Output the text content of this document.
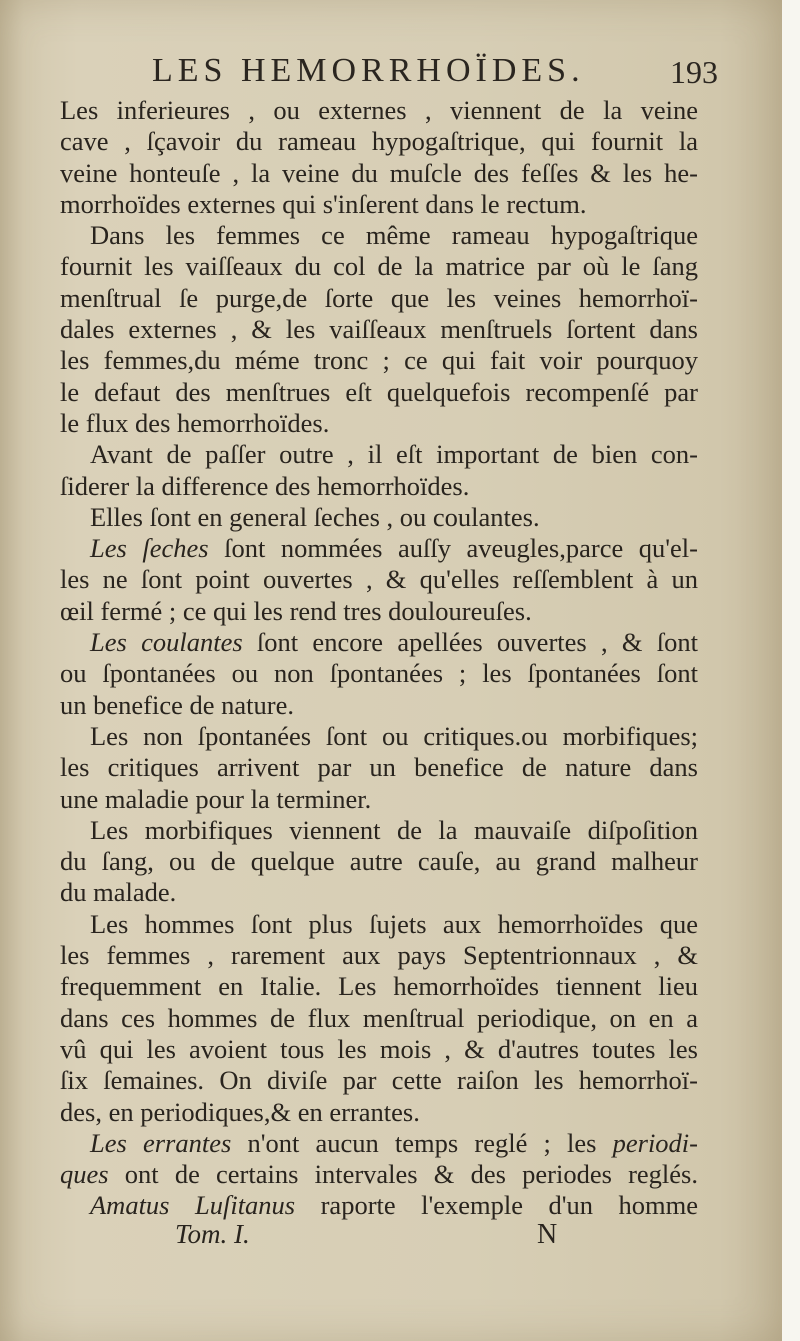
LES HEMORRHOÏDES.	193
Les inferieures , ou externes , viennent de la veine
cave , ſçavoir du rameau hypogaſtrique, qui fournit la
veine honteuſe , la veine du muſcle des feſſes & les he-
morrhoïdes externes qui s'inſerent dans le rectum.
Dans les femmes ce même rameau hypogaſtrique
fournit les vaiſſeaux du col de la matrice par où le ſang
menſtrual ſe purge,de ſorte que les veines hemorrhoï-
dales externes , & les vaiſſeaux menſtruels ſortent dans
les femmes,du méme tronc ; ce qui fait voir pourquoy
le defaut des menſtrues eſt quelquefois recompenſé par
le flux des hemorrhoïdes.
Avant de paſſer outre , il eſt important de bien con-
ſiderer la difference des hemorrhoïdes.
Elles ſont en general ſeches , ou coulantes.
Les ſeches ſont nommées auſſy aveugles,parce qu'el-
les ne ſont point ouvertes , & qu'elles reſſemblent à un
œil fermé ; ce qui les rend tres douloureuſes.
Les coulantes ſont encore apellées ouvertes , & ſont
ou ſpontanées ou non ſpontanées ; les ſpontanées ſont
un benefice de nature.
Les non ſpontanées ſont ou critiques.ou morbifiques;
les critiques arrivent par un benefice de nature dans
une maladie pour la terminer.
Les morbifiques viennent de la mauvaiſe diſpoſition
du ſang, ou de quelque autre cauſe, au grand malheur
du malade.
Les hommes ſont plus ſujets aux hemorrhoïdes que
les femmes , rarement aux pays Septentrionnaux , &
frequemment en Italie. Les hemorrhoïdes tiennent lieu
dans ces hommes de flux menſtrual periodique, on en a
vû qui les avoient tous les mois , & d'autres toutes les
ſix ſemaines. On diviſe par cette raiſon les hemorrhoï-
des, en periodiques,& en errantes.
Les errantes n'ont aucun temps reglé ; les periodi-
ques ont de certains intervales & des periodes reglés.
Amatus Luſitanus raporte l'exemple d'un homme
Tom. I.	N
